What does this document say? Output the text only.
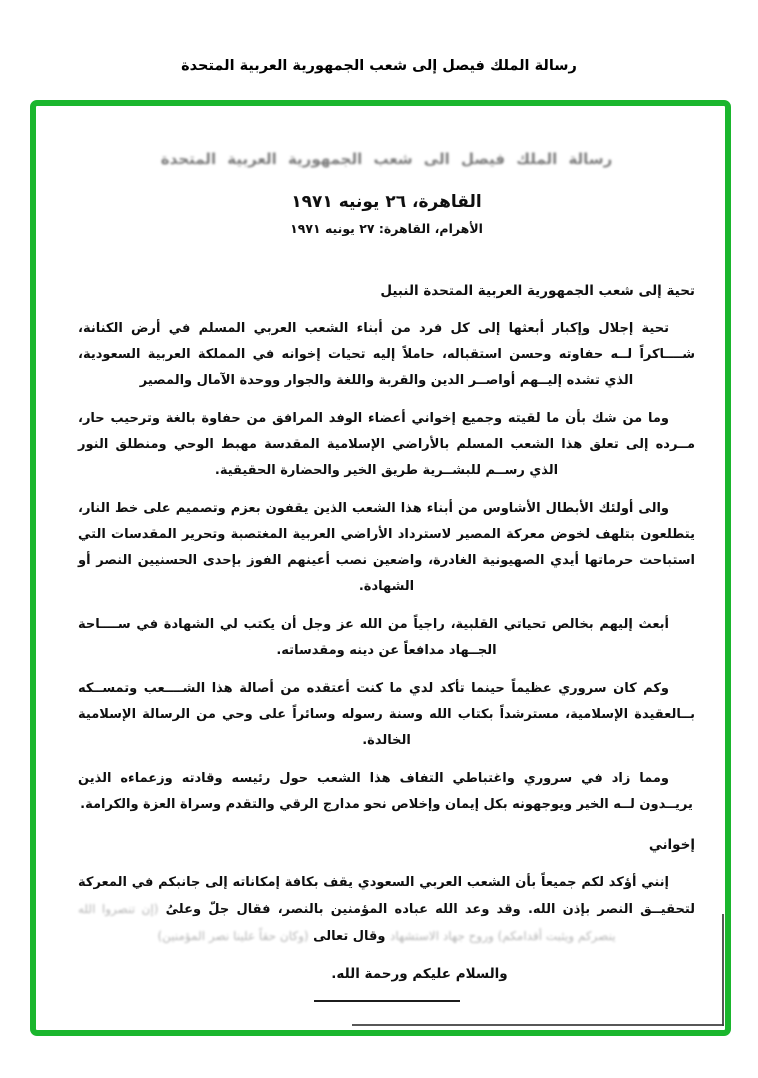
رسالة الملك فيصل إلى شعب الجمهورية العربية المتحدة

رسالة الملك فيصل الى شعب الجمهورية العربية المتحدة

القاهرة، ٢٦ يونيه ١٩٧١
الأهرام، القاهرة: ٢٧ يونيه ١٩٧١
تحية إلى شعب الجمهورية العربية المتحدة النبيل

تحية إجلال وإكبار أبعثها إلى كل فرد من أبناء الشعب العربي المسلم في أرض الكنانة، شــــاكراً لــه حفاوته وحسن استقباله، حاملاً إليه تحيات إخوانه في المملكة العربية السعودية، الذي تشده إليــهم أواصــر الدين والقربة واللغة والجوار ووحدة الآمال والمصير

وما من شك بأن ما لقيته وجميع إخواني أعضاء الوفد المرافق من حفاوة بالغة وترحيب حار، مــرده إلى تعلق هذا الشعب المسلم بالأراضي الإسلامية المقدسة مهبط الوحي ومنطلق النور الذي رســم للبشــرية طريق الخير والحضارة الحقيقية.

والى أولئك الأبطال الأشاوس من أبناء هذا الشعب الذين يقفون بعزم وتصميم على خط النار، يتطلعون بتلهف لخوض معركة المصير لاسترداد الأراضي العربية المغتصبة وتحرير المقدسات التي استباحت حرماتها أيدي الصهيونية الغادرة، واضعين نصب أعينهم الفوز بإحدى الحسنيين النصر أو الشهادة.

أبعث إليهم بخالص تحياتي القلبية، راجياً من الله عز وجل أن يكتب لي الشهادة في ســــاحة الجــهاد مدافعاً عن دينه ومقدساته.

وكم كان سروري عظيماً حينما تأكد لدي ما كنت أعتقده من أصالة هذا الشــــعب وتمســكه بــالعقيدة الإسلامية، مسترشداً بكتاب الله وسنة رسوله وسائراً على وحي من الرسالة الإسلامية الخالدة.

ومما زاد في سروري واغتباطي التفاف هذا الشعب حول رئيسه وقادته وزعماءه الذين يريــدون لــه الخير ويوجهونه بكل إيمان وإخلاص نحو مدارج الرقي والتقدم وسراة العزة والكرامة.

إخواني

إنني أؤكد لكم جميعاً بأن الشعب العربي السعودي يقف بكافة إمكاناته إلى جانبكم في المعركة لتحقيــق النصر بإذن الله. وقد وعد الله عباده المؤمنين بالنصر، فقال جلّ وعلىُ (إن تنصروا الله ينصركم ويثبت أقدامكم) وروح جهاد الاستشهاد وقال تعالى (وكان حقاً علينا نصر المؤمنين)

والسلام عليكم ورحمة الله.
